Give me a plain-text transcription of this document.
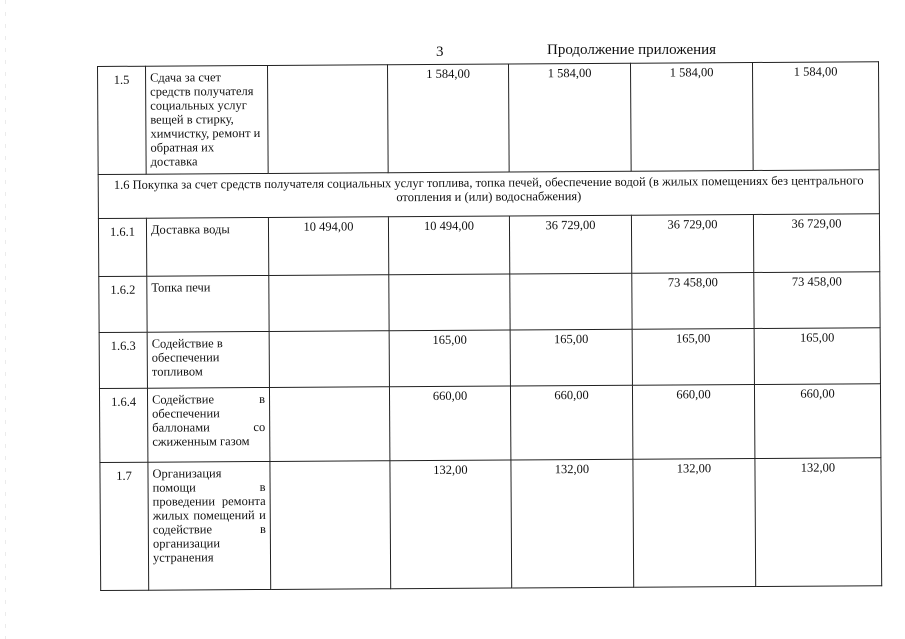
3	Продолжение приложения
1.5	Сдача за счет средств получателя социальных услуг вещей в стирку, химчистку, ремонт и обратная их доставка		1 584,00	1 584,00	1 584,00	1 584,00
1.6 Покупка за счет средств получателя социальных услуг топлива, топка печей, обеспечение водой (в жилых помещениях без центрального отопления и (или) водоснабжения)						
1.6.1	Доставка воды	10 494,00	10 494,00	36 729,00	36 729,00	36 729,00
1.6.2	Топка печи				73 458,00	73 458,00
1.6.3	Содействие в обеспечении топливом		165,00	165,00	165,00	165,00
1.6.4	Содействие в обеспечении баллонами со сжиженным газом		660,00	660,00	660,00	660,00
1.7	Организация помощи в проведении ремонта жилых помещений и содействие в организации устранения		132,00	132,00	132,00	132,00
